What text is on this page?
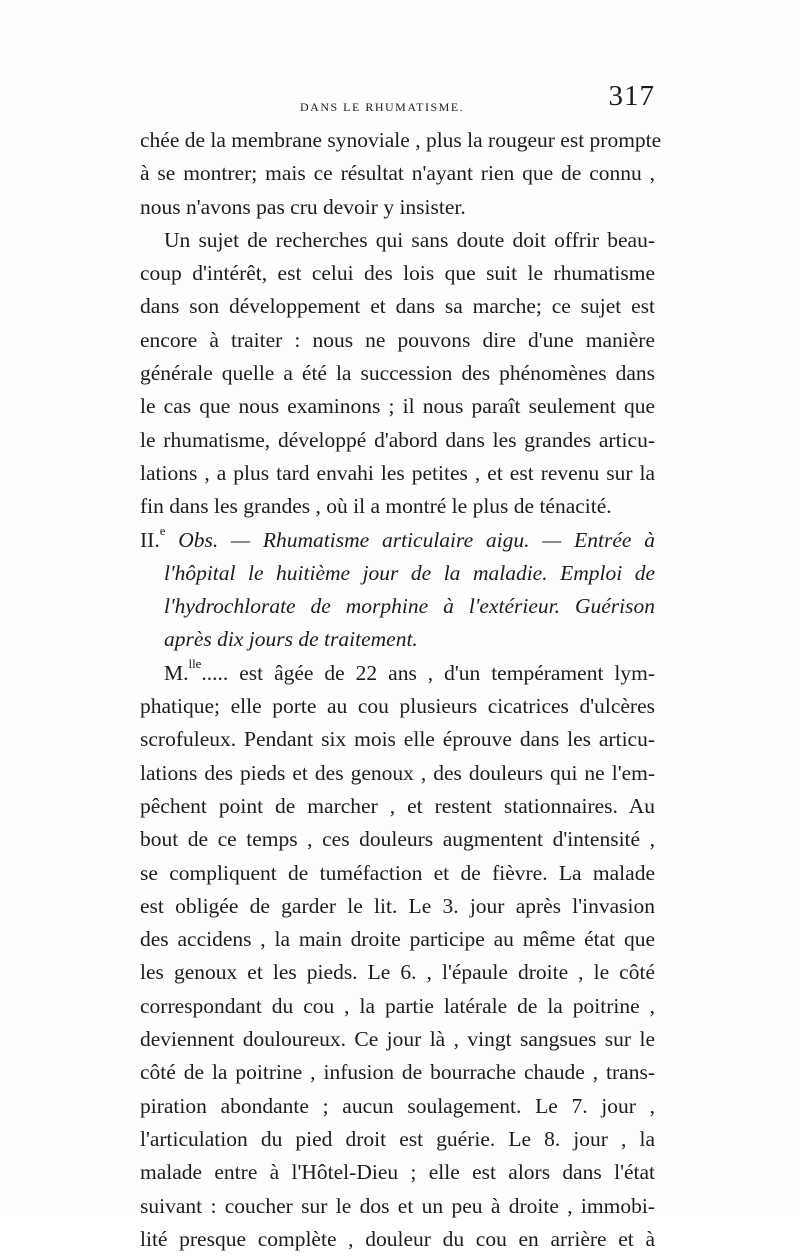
DANS LE RHUMATISME.	317
chée de la membrane synoviale , plus la rougeur est prompte
à se montrer; mais ce résultat n'ayant rien que de connu ,
nous n'avons pas cru devoir y insister.
Un sujet de recherches qui sans doute doit offrir beau-
coup d'intérêt, est celui des lois que suit le rhumatisme
dans son développement et dans sa marche; ce sujet est
encore à traiter : nous ne pouvons dire d'une manière
générale quelle a été la succession des phénomènes dans
le cas que nous examinons ; il nous paraît seulement que
le rhumatisme, développé d'abord dans les grandes articu-
lations , a plus tard envahi les petites , et est revenu sur la
fin dans les grandes , où il a montré le plus de ténacité.
II.$^e$ Obs. — Rhumatisme articulaire aigu. — Entrée à
l'hôpital le huitième jour de la maladie. Emploi de
l'hydrochlorate de morphine à l'extérieur. Guérison
après dix jours de traitement.
M.$^{lle}$..... est âgée de 22 ans , d'un tempérament lym-
phatique; elle porte au cou plusieurs cicatrices d'ulcères
scrofuleux. Pendant six mois elle éprouve dans les articu-
lations des pieds et des genoux , des douleurs qui ne l'em-
pêchent point de marcher , et restent stationnaires. Au
bout de ce temps , ces douleurs augmentent d'intensité ,
se compliquent de tuméfaction et de fièvre. La malade
est obligée de garder le lit. Le 3. jour après l'invasion
des accidens , la main droite participe au même état que
les genoux et les pieds. Le 6. , l'épaule droite , le côté
correspondant du cou , la partie latérale de la poitrine ,
deviennent douloureux. Ce jour là , vingt sangsues sur le
côté de la poitrine , infusion de bourrache chaude , trans-
piration abondante ; aucun soulagement. Le 7. jour ,
l'articulation du pied droit est guérie. Le 8. jour , la
malade entre à l'Hôtel-Dieu ; elle est alors dans l'état
suivant : coucher sur le dos et un peu à droite , immobi-
lité presque complète , douleur du cou en arrière et à
